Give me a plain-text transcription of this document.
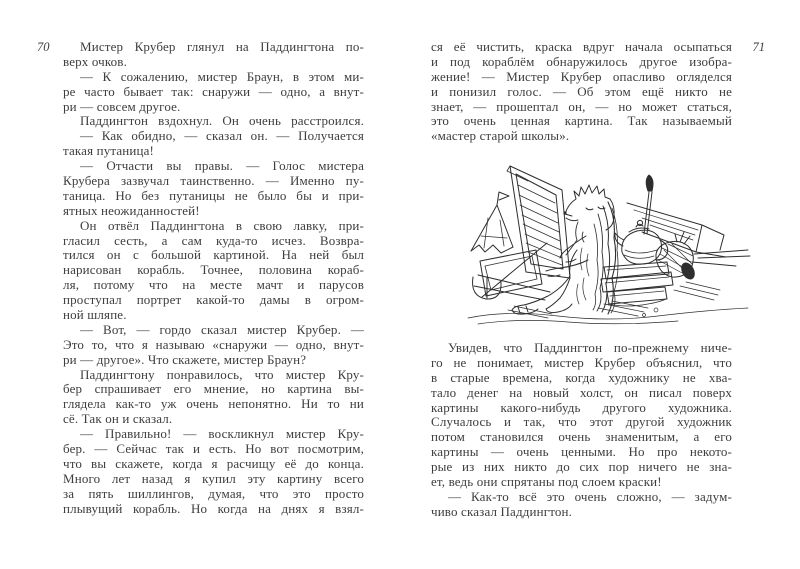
70	Мистер Крубер глянул на Паддингтона по-
верх очков.
— К сожалению, мистер Браун, в этом ми-
ре часто бывает так: снаружи — одно, а внут-
ри — совсем другое.
Паддингтон вздохнул. Он очень расстроился.
— Как обидно, — сказал он. — Получается
такая путаница!
— Отчасти вы правы. — Голос мистера
Крубера зазвучал таинственно. — Именно пу-
таница. Но без путаницы не было бы и при-
ятных неожиданностей!
Он отвёл Паддингтона в свою лавку, при-
гласил сесть, а сам куда-то исчез. Возвра-
тился он с большой картиной. На ней был
нарисован корабль. Точнее, половина кораб-
ля, потому что на месте мачт и парусов
проступал портрет какой-то дамы в огром-
ной шляпе.
— Вот, — гордо сказал мистер Крубер. —
Это то, что я называю «снаружи — одно, внут-
ри — другое». Что скажете, мистер Браун?
Паддингтону понравилось, что мистер Кру-
бер спрашивает его мнение, но картина вы-
глядела как-то уж очень непонятно. Ни то ни
сё. Так он и сказал.
— Правильно! — воскликнул мистер Кру-
бер. — Сейчас так и есть. Но вот посмотрим,
что вы скажете, когда я расчищу её до конца.
Много лет назад я купил эту картину всего
за пять шиллингов, думая, что это просто
плывущий корабль. Но когда на днях я взял-
71
ся её чистить, краска вдруг начала осыпаться
и под кораблём обнаружилось другое изобра-
жение! — Мистер Крубер опасливо огляделся
и понизил голос. — Об этом ещё никто не
знает, — прошептал он, — но может статься,
это очень ценная картина. Так называемый
«мастер старой школы».
Увидев, что Паддингтон по-прежнему ниче-
го не понимает, мистер Крубер объяснил, что
в старые времена, когда художнику не хва-
тало денег на новый холст, он писал поверх
картины какого-нибудь другого художника.
Случалось и так, что этот другой художник
потом становился очень знаменитым, а его
картины — очень ценными. Но про некото-
рые из них никто до сих пор ничего не зна-
ет, ведь они спрятаны под слоем краски!
— Как-то всё это очень сложно, — задум-
чиво сказал Паддингтон.
